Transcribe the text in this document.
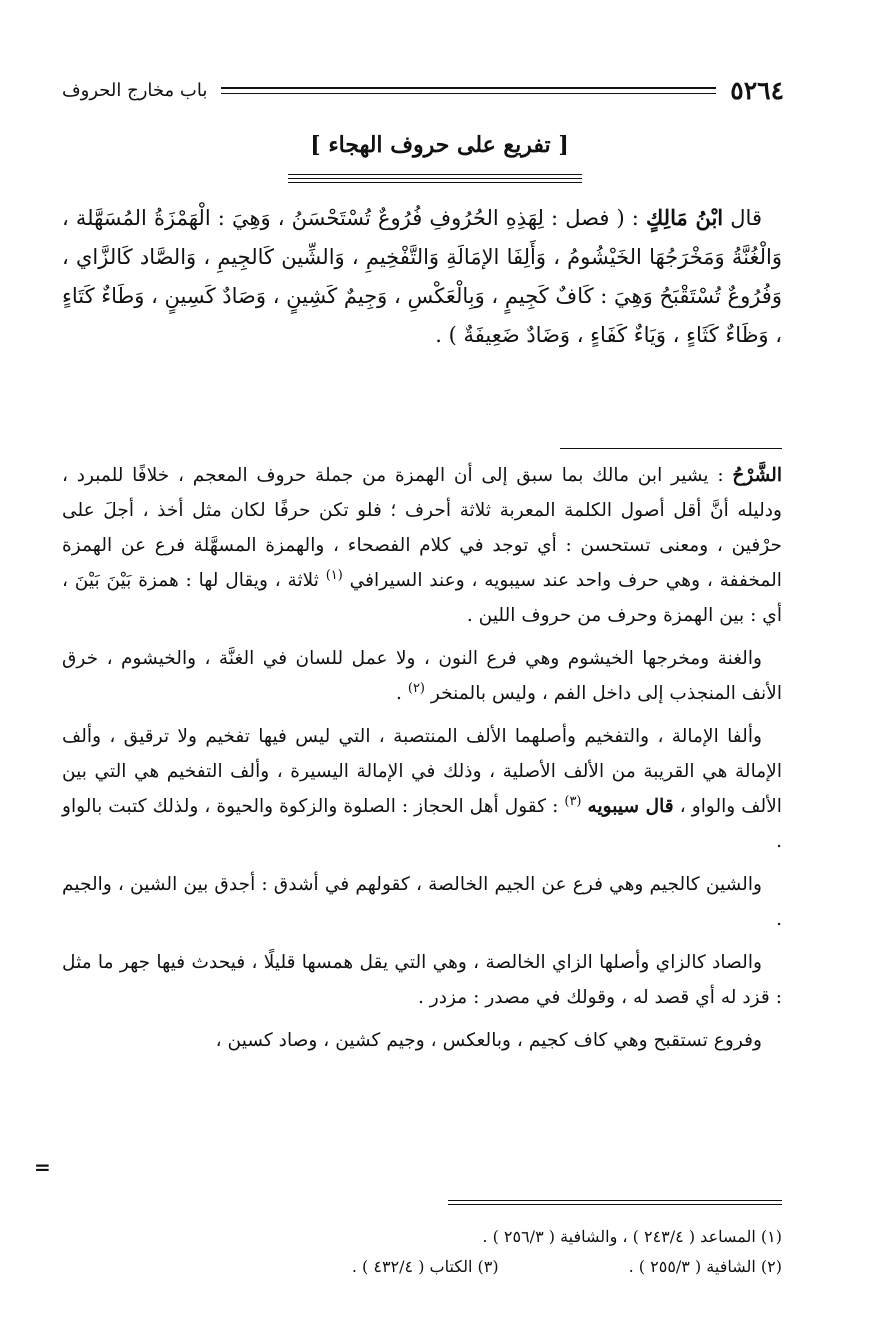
٥٢٦٤
باب مخارج الحروف
[ تفريع على حروف الهجاء ]
قال ابْنُ مَالِكٍ : ( فصل : لِهَذِهِ الحُرُوفِ فُرُوعٌ تُسْتَحْسَنُ ، وَهِيَ : الْهَمْزَةُ المُسَهَّلة ، وَالْغُنَّةُ وَمَخْرَجُهَا الخَيْشُومُ ، وَأَلِفَا الإمَالَةِ وَالتَّفْخِيمِ ، وَالشِّين كَالجِيمِ ، وَالصَّاد كَالزَّاي ، وَفُرُوعٌ تُسْتَقْبَحُ وَهِيَ : كَافٌ كَجِيمٍ ، وَبِالْعَكْسِ ، وَجِيمٌ كَشِينٍ ، وَصَادٌ كَسِينٍ ، وَطَاءٌ كَتَاءٍ ، وَظَاءٌ كَثَاءٍ ، وَيَاءٌ كَفَاءٍ ، وَضَادٌ ضَعِيفَةٌ ) .

الشَّرْحُ : يشير ابن مالك بما سبق إلى أن الهمزة من جملة حروف المعجم ، خلافًا للمبرد ، ودليله أنَّ أقل أصول الكلمة المعربة ثلاثة أحرف ؛ فلو تكن حرفًا لكان مثل أخذ ، أجلَ على حرْفين ، ومعنى تستحسن : أي توجد في كلام الفصحاء ، والهمزة المسهَّلة فرع عن الهمزة المخففة ، وهي حرف واحد عند سيبويه ، وعند السيرافي $^{(١)}$ ثلاثة ، ويقال لها : همزة بَيْنَ بَيْنَ ، أي : بين الهمزة وحرف من حروف اللين .

والغنة ومخرجها الخيشوم وهي فرع النون ، ولا عمل للسان في الغنَّة ، والخيشوم ، خرق الأنف المنجذب إلى داخل الفم ، وليس بالمنخر $^{(٢)}$ .

وألفا الإمالة ، والتفخيم وأصلهما الألف المنتصبة ، التي ليس فيها تفخيم ولا ترقيق ، وألف الإمالة هي القريبة من الألف الأصلية ، وذلك في الإمالة اليسيرة ، وألف التفخيم هي التي بين الألف والواو ، قال سيبويه $^{(٣)}$ : كقول أهل الحجاز : الصلوة والزكوة والحيوة ، ولذلك كتبت بالواو .

والشين كالجيم وهي فرع عن الجيم الخالصة ، كقولهم في أشدق : أجدق بين الشين ، والجيم .

والصاد كالزاي وأصلها الزاي الخالصة ، وهي التي يقل همسها قليلًا ، فيحدث فيها جهر ما مثل : قزد له أي قصد له ، وقولك في مصدر : مزدر .

وفروع تستقبح وهي كاف كجيم ، وبالعكس ، وجيم كشين ، وصاد كسين ،

=
(١) المساعد ( ٢٤٣/٤ ) ، والشافية ( ٢٥٦/٣ ) .
(٢) الشافية ( ٢٥٥/٣ ) .
(٣) الكتاب ( ٤٣٢/٤ ) .
